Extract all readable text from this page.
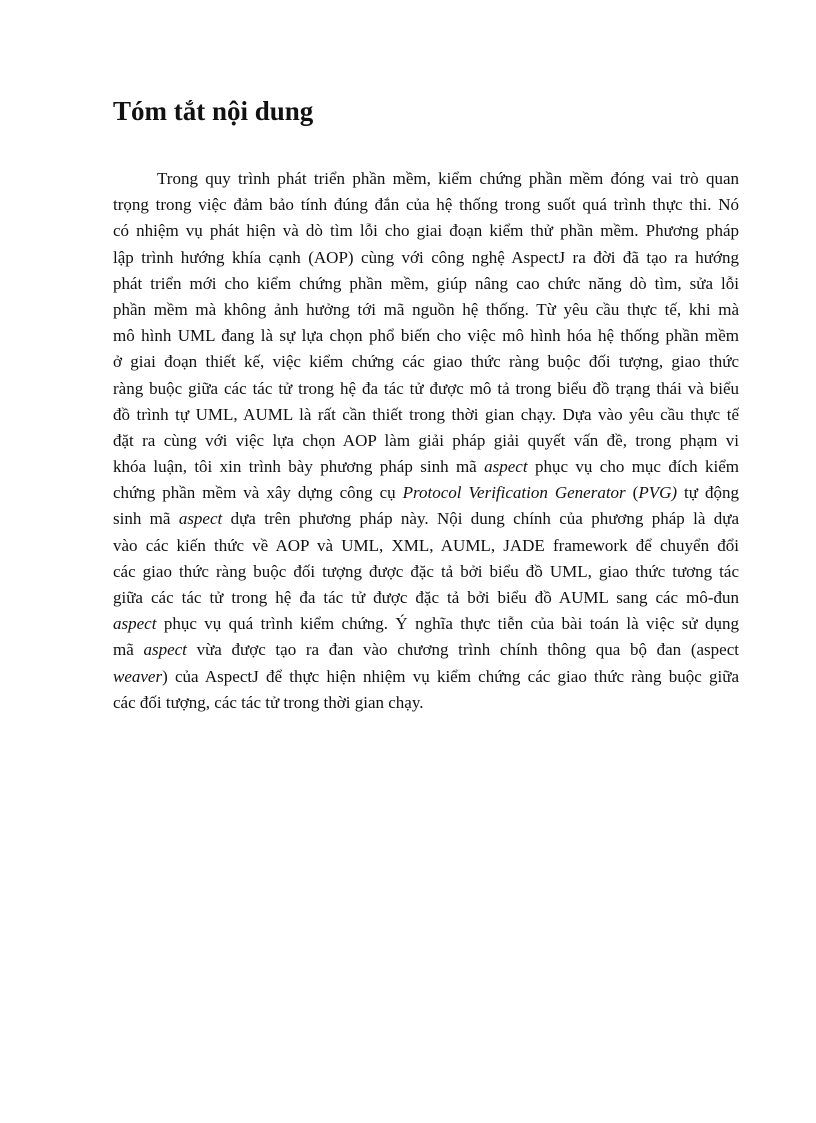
Tóm tắt nội dung
Trong quy trình phát triển phần mềm, kiểm chứng phần mềm đóng vai trò quan
trọng trong việc đảm bảo tính đúng đắn của hệ thống trong suốt quá trình thực thi. Nó
có nhiệm vụ phát hiện và dò tìm lỗi cho giai đoạn kiểm thử phần mềm. Phương pháp
lập trình hướng khía cạnh (AOP) cùng với công nghệ AspectJ ra đời đã tạo ra hướng
phát triển mới cho kiểm chứng phần mềm, giúp nâng cao chức năng dò tìm, sửa lỗi
phần mềm mà không ảnh hưởng tới mã nguồn hệ thống. Từ yêu cầu thực tế, khi mà
mô hình UML đang là sự lựa chọn phổ biến cho việc mô hình hóa hệ thống phần mềm
ở giai đoạn thiết kế, việc kiểm chứng các giao thức ràng buộc đối tượng, giao thức
ràng buộc giữa các tác tử trong hệ đa tác tử được mô tả trong biểu đồ trạng thái và biểu
đồ trình tự UML, AUML là rất cần thiết trong thời gian chạy. Dựa vào yêu cầu thực tế
đặt ra cùng với việc lựa chọn AOP làm giải pháp giải quyết vấn đề, trong phạm vi
khóa luận, tôi xin trình bày phương pháp sinh mã aspect phục vụ cho mục đích kiểm
chứng phần mềm và xây dựng công cụ Protocol Verification Generator (PVG) tự động
sinh mã aspect dựa trên phương pháp này. Nội dung chính của phương pháp là dựa
vào các kiến thức về AOP và UML, XML, AUML, JADE framework để chuyển đổi
các giao thức ràng buộc đối tượng được đặc tả bởi biểu đồ UML, giao thức tương tác
giữa các tác tử trong hệ đa tác tử được đặc tả bởi biểu đồ AUML sang các mô-đun
aspect phục vụ quá trình kiểm chứng. Ý nghĩa thực tiễn của bài toán là việc sử dụng
mã aspect vừa được tạo ra đan vào chương trình chính thông qua bộ đan (aspect
weaver) của AspectJ để thực hiện nhiệm vụ kiểm chứng các giao thức ràng buộc giữa
các đối tượng, các tác tử trong thời gian chạy.
